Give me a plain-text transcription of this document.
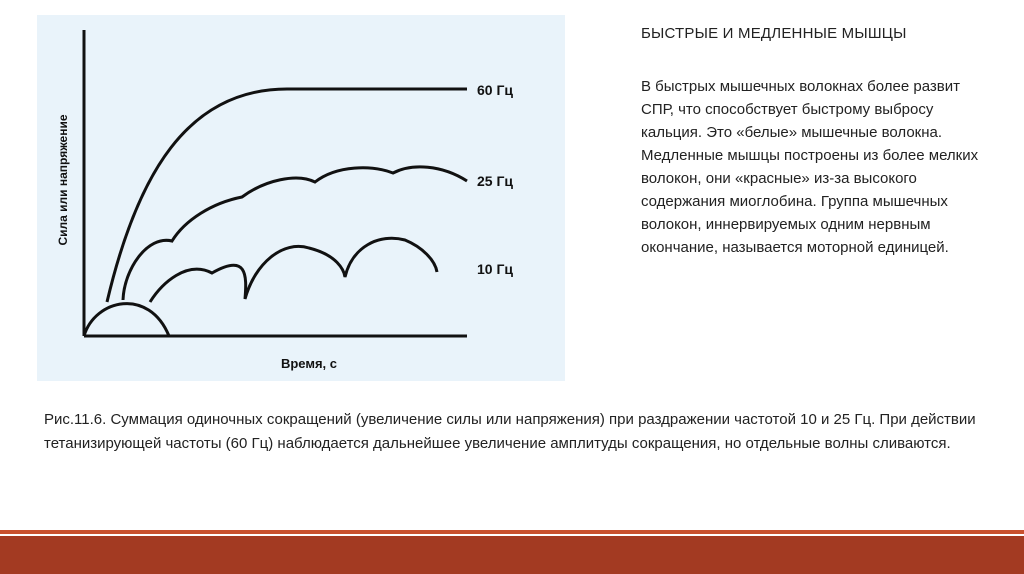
60 Гц
25 Гц
10 Гц
Сила или напряжение
Время, с
БЫСТРЫЕ И МЕДЛЕННЫЕ МЫШЦЫ

В быстрых мышечных волокнах более развит СПР, что способствует быстрому выбросу кальция. Это «белые» мышечные волокна. Медленные мышцы построены из более мелких волокон, они «красные» из-за высокого содержания миоглобина. Группа мышечных волокон, иннервируемых одним нервным окончание, называется моторной единицей.

Рис.11.6. Суммация одиночных сокращений (увеличение силы или напряжения) при раздражении частотой 10 и 25 Гц. При действии тетанизирующей частоты (60 Гц) наблюдается дальнейшее увеличение амплитуды сокращения, но отдельные волны сливаются.
